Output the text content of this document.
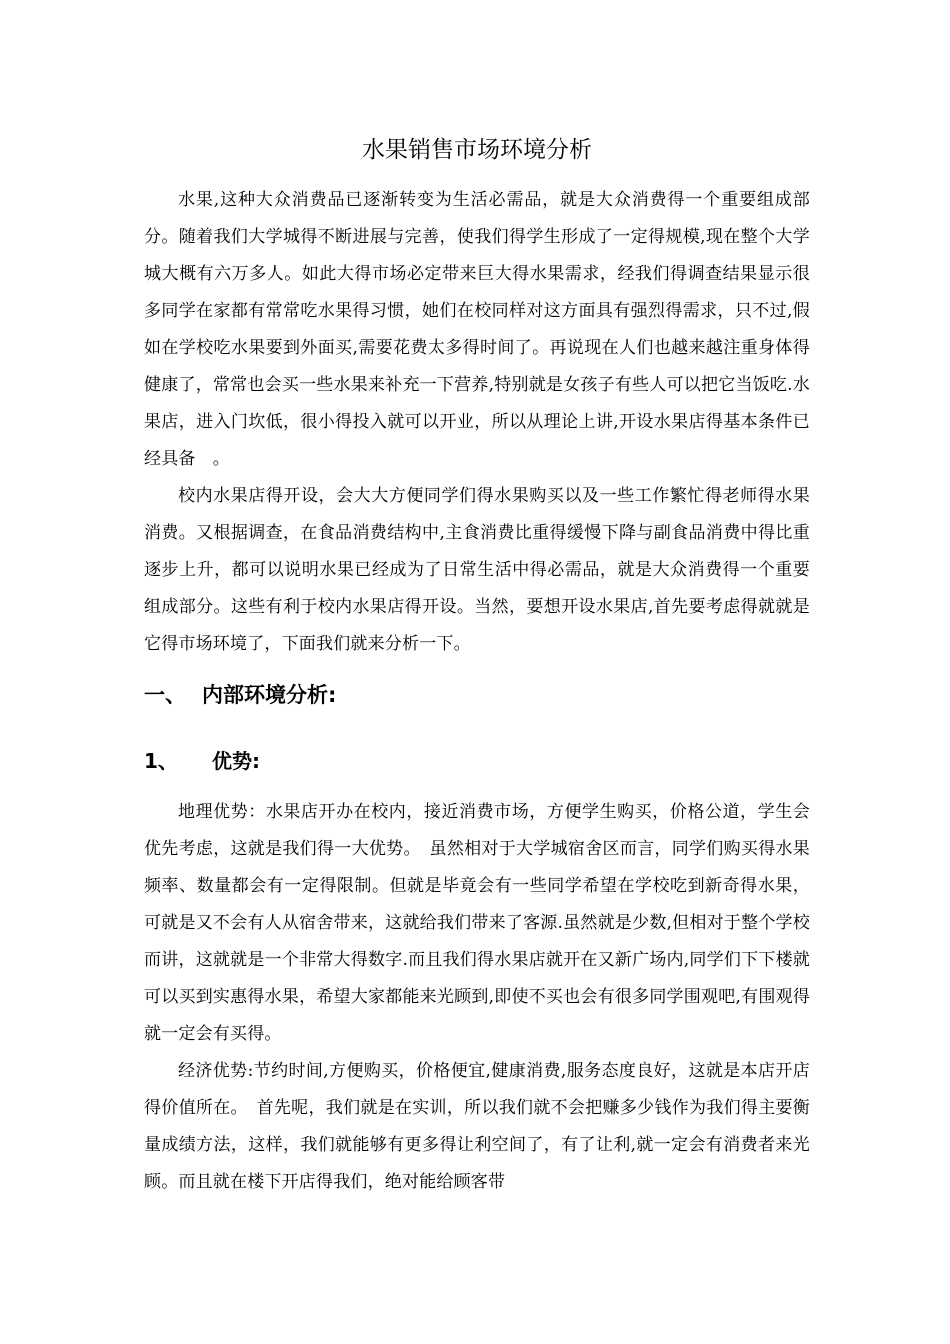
水果销售市场环境分析

水果,这种大众消费品已逐渐转变为生活必需品，就是大众消费得一个重要组成部分。随着我们大学城得不断进展与完善，使我们得学生形成了一定得规模,现在整个大学城大概有六万多人。如此大得市场必定带来巨大得水果需求，经我们得调查结果显示很多同学在家都有常常吃水果得习惯，她们在校同样对这方面具有强烈得需求，只不过,假如在学校吃水果要到外面买,需要花费太多得时间了。再说现在人们也越来越注重身体得健康了，常常也会买一些水果来补充一下营养,特别就是女孩子有些人可以把它当饭吃.水果店，进入门坎低，很小得投入就可以开业，所以从理论上讲,开设水果店得基本条件已经具备　。

校内水果店得开设，会大大方便同学们得水果购买以及一些工作繁忙得老师得水果消费。又根据调查，在食品消费结构中,主食消费比重得缓慢下降与副食品消费中得比重逐步上升，都可以说明水果已经成为了日常生活中得必需品，就是大众消费得一个重要组成部分。这些有利于校内水果店得开设。当然，要想开设水果店,首先要考虑得就就是它得市场环境了，下面我们就来分析一下。

一、 内部环境分析:
1、 优势:

地理优势：水果店开办在校内，接近消费市场，方便学生购买，价格公道，学生会优先考虑，这就是我们得一大优势。　虽然相对于大学城宿舍区而言，同学们购买得水果频率、数量都会有一定得限制。但就是毕竟会有一些同学希望在学校吃到新奇得水果，可就是又不会有人从宿舍带来，这就给我们带来了客源.虽然就是少数,但相对于整个学校而讲，这就就是一个非常大得数字.而且我们得水果店就开在又新广场内,同学们下下楼就可以买到实惠得水果，希望大家都能来光顾到,即使不买也会有很多同学围观吧,有围观得就一定会有买得。

经济优势:节约时间,方便购买，价格便宜,健康消费,服务态度良好，这就是本店开店得价值所在。　首先呢，我们就是在实训，所以我们就不会把赚多少钱作为我们得主要衡量成绩方法，这样，我们就能够有更多得让利空间了，有了让利,就一定会有消费者来光顾。而且就在楼下开店得我们，绝对能给顾客带
